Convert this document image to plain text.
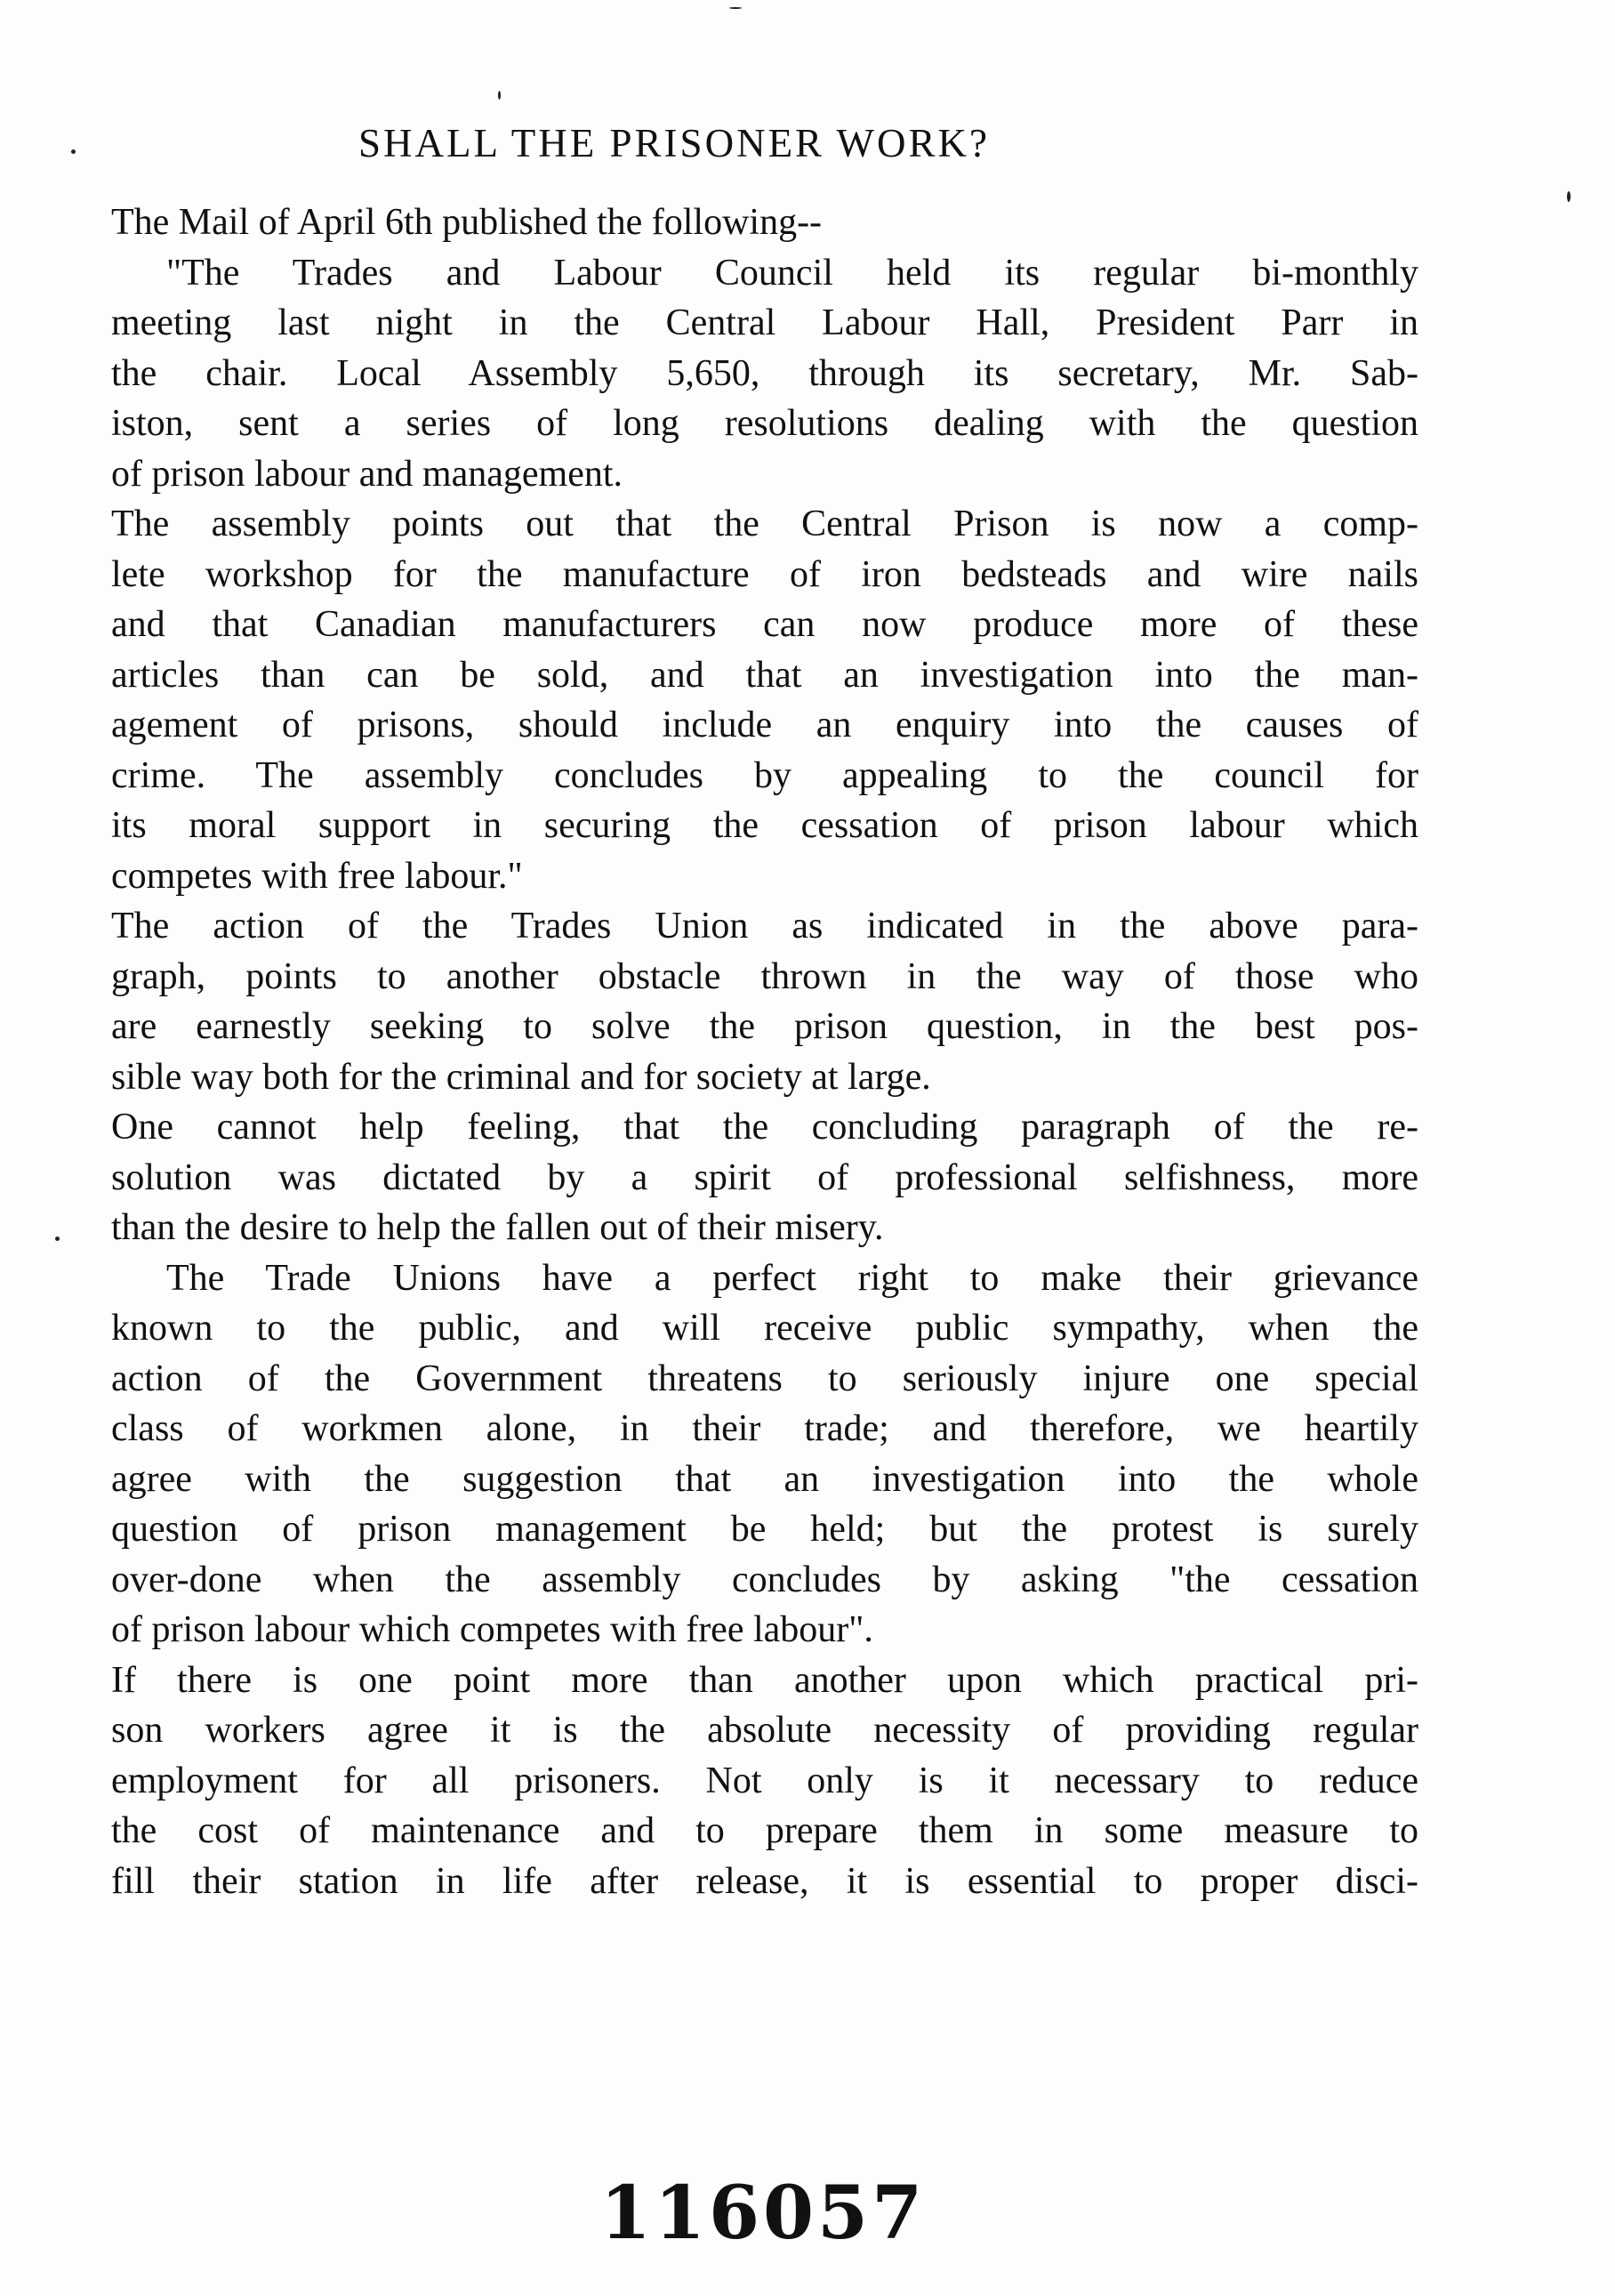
SHALL THE PRISONER WORK?
The Mail of April 6th published the following--
"The Trades and Labour Council held its regular bi-monthly
meeting last night in the Central Labour Hall, President Parr in
the chair. Local Assembly 5,650, through its secretary, Mr. Sab-
iston, sent a series of long resolutions dealing with the question
of prison labour and management.
The assembly points out that the Central Prison is now a comp-
lete workshop for the manufacture of iron bedsteads and wire nails
and that Canadian manufacturers can now produce more of these
articles than can be sold, and that an investigation into the man-
agement of prisons, should include an enquiry into the causes of
crime. The assembly concludes by appealing to the council for
its moral support in securing the cessation of prison labour which
competes with free labour."
The action of the Trades Union as indicated in the above para-
graph, points to another obstacle thrown in the way of those who
are earnestly seeking to solve the prison question, in the best pos-
sible way both for the criminal and for society at large.
One cannot help feeling, that the concluding paragraph of the re-
solution was dictated by a spirit of professional selfishness, more
than the desire to help the fallen out of their misery.
The Trade Unions have a perfect right to make their grievance
known to the public, and will receive public sympathy, when the
action of the Government threatens to seriously injure one special
class of workmen alone, in their trade; and therefore, we heartily
agree with the suggestion that an investigation into the whole
question of prison management be held; but the protest is surely
over-done when the assembly concludes by asking "the cessation
of prison labour which competes with free labour".
If there is one point more than another upon which practical pri-
son workers agree it is the absolute necessity of providing regular
employment for all prisoners. Not only is it necessary to reduce
the cost of maintenance and to prepare them in some measure to
fill their station in life after release, it is essential to proper disci-
116057
